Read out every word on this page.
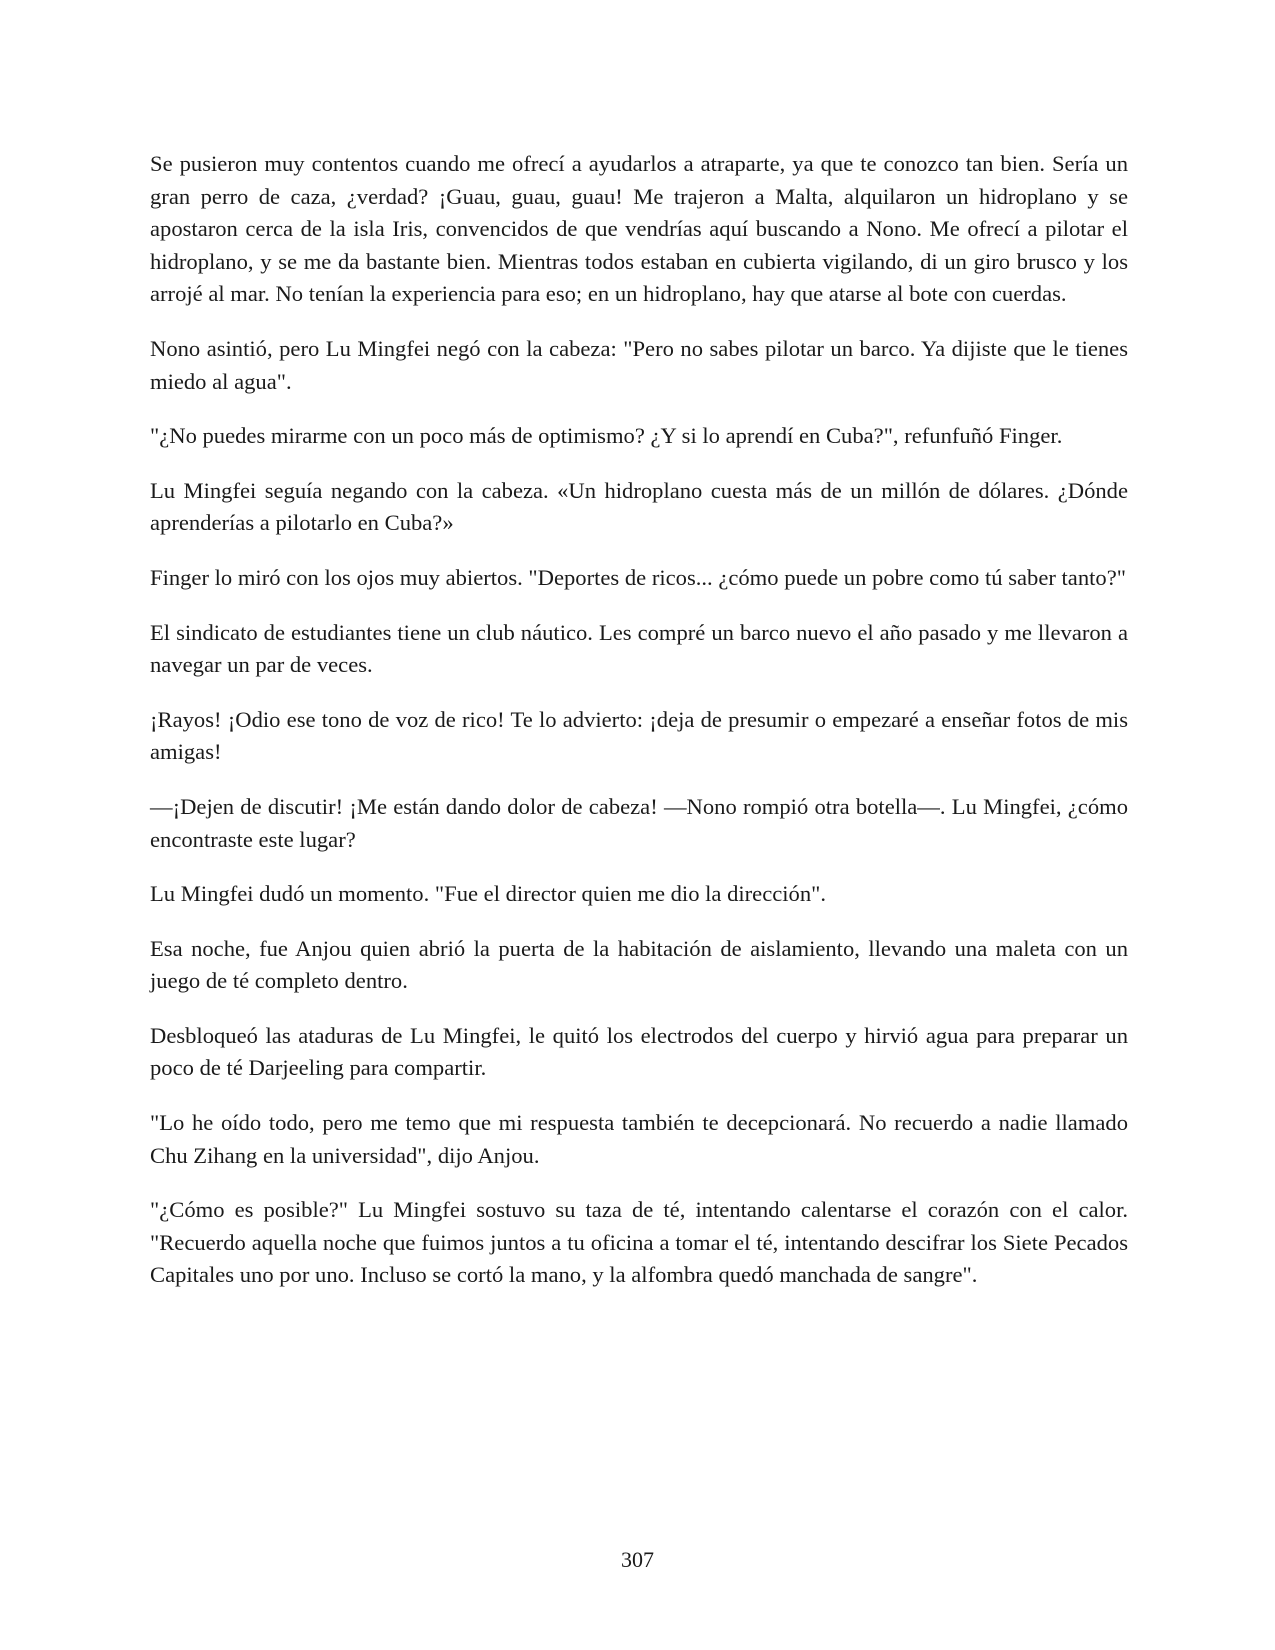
Se pusieron muy contentos cuando me ofrecí a ayudarlos a atraparte, ya que te conozco tan bien. Sería un gran perro de caza, ¿verdad? ¡Guau, guau, guau! Me trajeron a Malta, alquilaron un hidroplano y se apostaron cerca de la isla Iris, convencidos de que vendrías aquí buscando a Nono. Me ofrecí a pilotar el hidroplano, y se me da bastante bien. Mientras todos estaban en cubierta vigilando, di un giro brusco y los arrojé al mar. No tenían la experiencia para eso; en un hidroplano, hay que atarse al bote con cuerdas.

Nono asintió, pero Lu Mingfei negó con la cabeza: "Pero no sabes pilotar un barco. Ya dijiste que le tienes miedo al agua".

"¿No puedes mirarme con un poco más de optimismo? ¿Y si lo aprendí en Cuba?", refunfuñó Finger.

Lu Mingfei seguía negando con la cabeza. «Un hidroplano cuesta más de un millón de dólares. ¿Dónde aprenderías a pilotarlo en Cuba?»

Finger lo miró con los ojos muy abiertos. "Deportes de ricos... ¿cómo puede un pobre como tú saber tanto?"

El sindicato de estudiantes tiene un club náutico. Les compré un barco nuevo el año pasado y me llevaron a navegar un par de veces.

¡Rayos! ¡Odio ese tono de voz de rico! Te lo advierto: ¡deja de presumir o empezaré a enseñar fotos de mis amigas!

—¡Dejen de discutir! ¡Me están dando dolor de cabeza! —Nono rompió otra botella—. Lu Mingfei, ¿cómo encontraste este lugar?

Lu Mingfei dudó un momento. "Fue el director quien me dio la dirección".

Esa noche, fue Anjou quien abrió la puerta de la habitación de aislamiento, llevando una maleta con un juego de té completo dentro.

Desbloqueó las ataduras de Lu Mingfei, le quitó los electrodos del cuerpo y hirvió agua para preparar un poco de té Darjeeling para compartir.

"Lo he oído todo, pero me temo que mi respuesta también te decepcionará. No recuerdo a nadie llamado Chu Zihang en la universidad", dijo Anjou.

"¿Cómo es posible?" Lu Mingfei sostuvo su taza de té, intentando calentarse el corazón con el calor. "Recuerdo aquella noche que fuimos juntos a tu oficina a tomar el té, intentando descifrar los Siete Pecados Capitales uno por uno. Incluso se cortó la mano, y la alfombra quedó manchada de sangre".

307
